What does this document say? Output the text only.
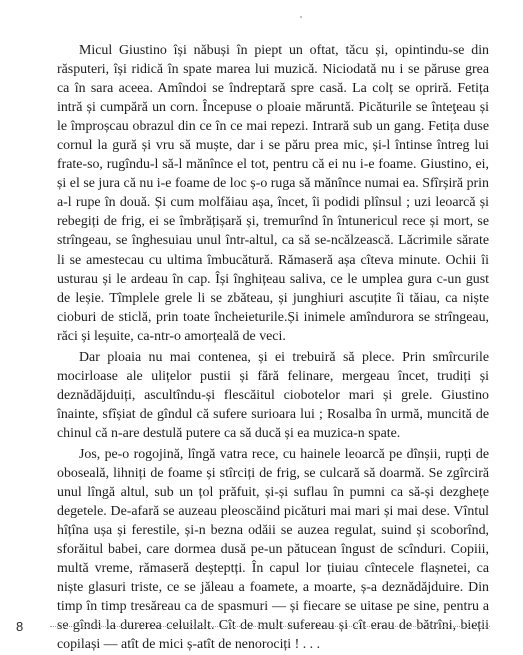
Micul Giustino își năbuși în piept un oftat, tăcu și, opintindu-se din răsputeri, își ridică în spate marea lui muzică. Niciodată nu i se păruse grea ca în sara aceea. Amîndoi se îndreptară spre casă. La colț se opriră. Fetița intră și cumpără un corn. Începuse o ploaie măruntă. Picăturile se înteţeau și le împroșcau obrazul din ce în ce mai repezi. Intrară sub un gang. Fetița duse cornul la gură și vru să muște, dar i se păru prea mic, și-l întinse întreg lui frate-so, rugîndu-l să-l mănînce el tot, pentru că ei nu i-e foame. Giustino, ei, și el se jura că nu i-e foame de loc ș-o ruga să mănînce numai ea. Sfîrșiră prin a-l rupe în două. Și cum molfăiau așa, încet, îi podidi plînsul ; uzi leoarcă și rebegiți de frig, ei se îmbrățișară și, tremurînd în întunericul rece și mort, se strîngeau, se înghesuiau unul într-altul, ca să se-ncălzească. Lăcrimile sărate li se amestecau cu ultima îmbucătură. Rămaseră așa cîteva minute. Ochii îi usturau și le ardeau în cap. Își înghițeau saliva, ce le umplea gura c-un gust de leșie. Tîmplele grele li se zbăteau, și junghiuri ascuțite îi tăiau, ca niște cioburi de sticlă, prin toate încheieturile.Și inimele amîndurora se strîngeau, răci și leșuite, ca-ntr-o amorțeală de veci.

Dar ploaia nu mai contenea, și ei trebuiră să plece. Prin smîrcurile mocirloase ale ulițelor pustii și fără felinare, mergeau încet, trudiți și deznădăjduiți, ascultîndu-și flescăitul ciobotelor mari și grele. Giustino înainte, sfîșiat de gîndul că sufere surioara lui ; Rosalba în urmă, muncită de chinul că n-are destulă putere ca să ducă și ea muzica-n spate.

Jos, pe-o rogojină, lîngă vatra rece, cu hainele leoarcă pe dînșii, rupți de oboseală, lihniți de foame și stîrciți de frig, se culcară să doarmă. Se zgîrciră unul lîngă altul, sub un țol prăfuit, și-și suflau în pumni ca să-și dezghețe degetele. De-afară se auzeau pleoscăind picături mai mari și mai dese. Vîntul hîțîna ușa și ferestile, și-n bezna odăii se auzea regulat, suind și scoborînd, sforăitul babei, care dormea dusă pe-un pătucean îngust de scînduri. Copiii, multă vreme, rămaseră deșteptți. În capul lor țiuiau cîntecele flașnetei, ca niște glasuri triste, ce se jăleau a foamete, a moarte, ș-a deznădăjduire. Din timp în timp tresăreau ca de spasmuri — și fiecare se uitase pe sine, pentru a se gîndi la durerea celuilalt. Cît de mult sufereau și cît erau de bătrîni, bieții copilași — atît de mici ș-atît de nenorociți ! . . .

8
